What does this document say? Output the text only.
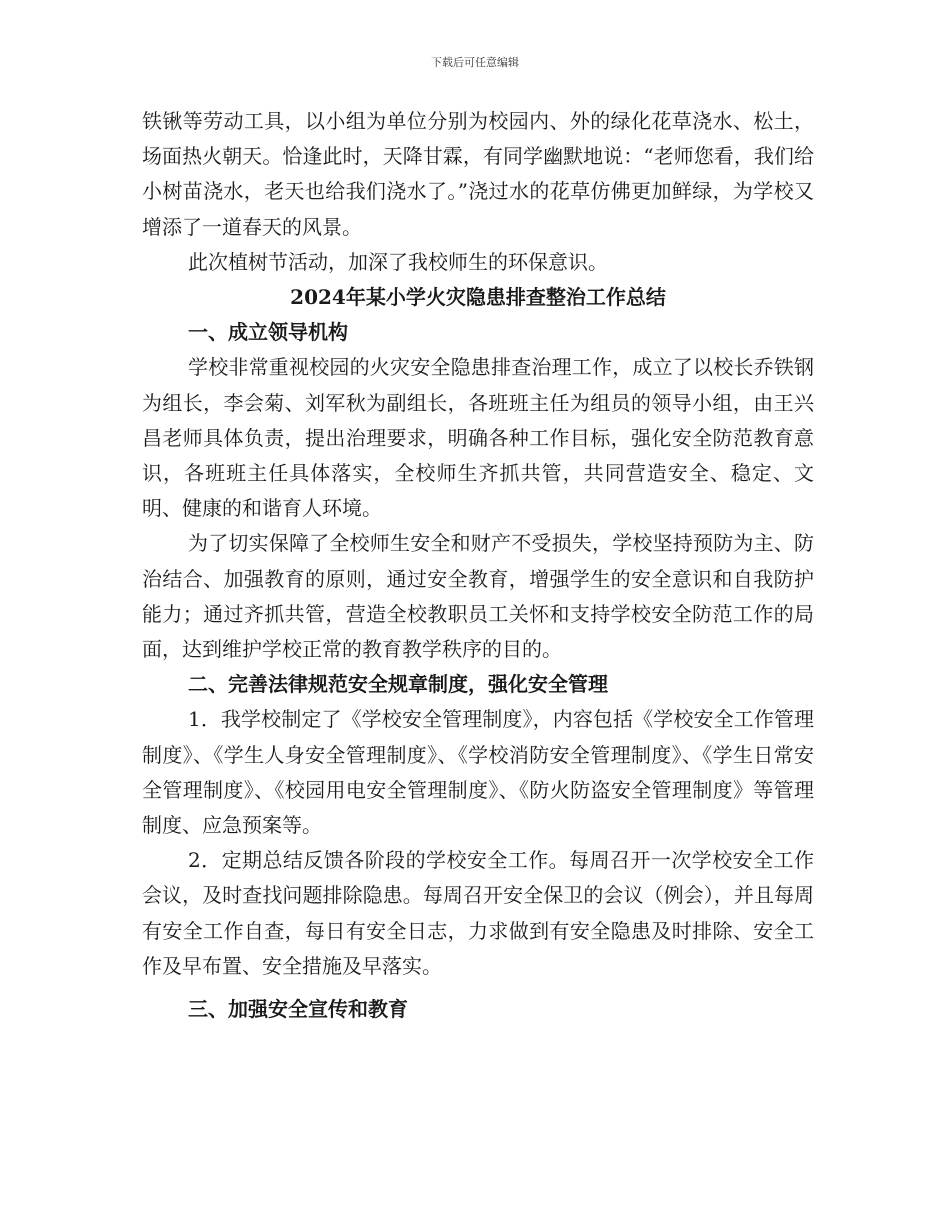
下载后可任意编辑

铁锹等劳动工具，以小组为单位分别为校园内、外的绿化花草浇水、松土，场面热火朝天。恰逢此时，天降甘霖，有同学幽默地说：“老师您看，我们给小树苗浇水，老天也给我们浇水了。”浇过水的花草仿佛更加鲜绿，为学校又增添了一道春天的风景。

此次植树节活动，加深了我校师生的环保意识。

2024年某小学火灾隐患排查整治工作总结

一、成立领导机构

学校非常重视校园的火灾安全隐患排查治理工作，成立了以校长乔铁钢为组长，李会菊、刘军秋为副组长，各班班主任为组员的领导小组，由王兴昌老师具体负责，提出治理要求，明确各种工作目标，强化安全防范教育意识，各班班主任具体落实，全校师生齐抓共管，共同营造安全、稳定、文明、健康的和谐育人环境。

为了切实保障了全校师生安全和财产不受损失，学校坚持预防为主、防治结合、加强教育的原则，通过安全教育，增强学生的安全意识和自我防护能力；通过齐抓共管，营造全校教职员工关怀和支持学校安全防范工作的局面，达到维护学校正常的教育教学秩序的目的。

二、完善法律规范安全规章制度，强化安全管理

1．我学校制定了《学校安全管理制度》，内容包括《学校安全工作管理制度》、《学生人身安全管理制度》、《学校消防安全管理制度》、《学生日常安全管理制度》、《校园用电安全管理制度》、《防火防盗安全管理制度》等管理制度、应急预案等。

2．定期总结反馈各阶段的学校安全工作。每周召开一次学校安全工作会议，及时查找问题排除隐患。每周召开安全保卫的会议（例会），并且每周有安全工作自查，每日有安全日志，力求做到有安全隐患及时排除、安全工作及早布置、安全措施及早落实。

三、加强安全宣传和教育
